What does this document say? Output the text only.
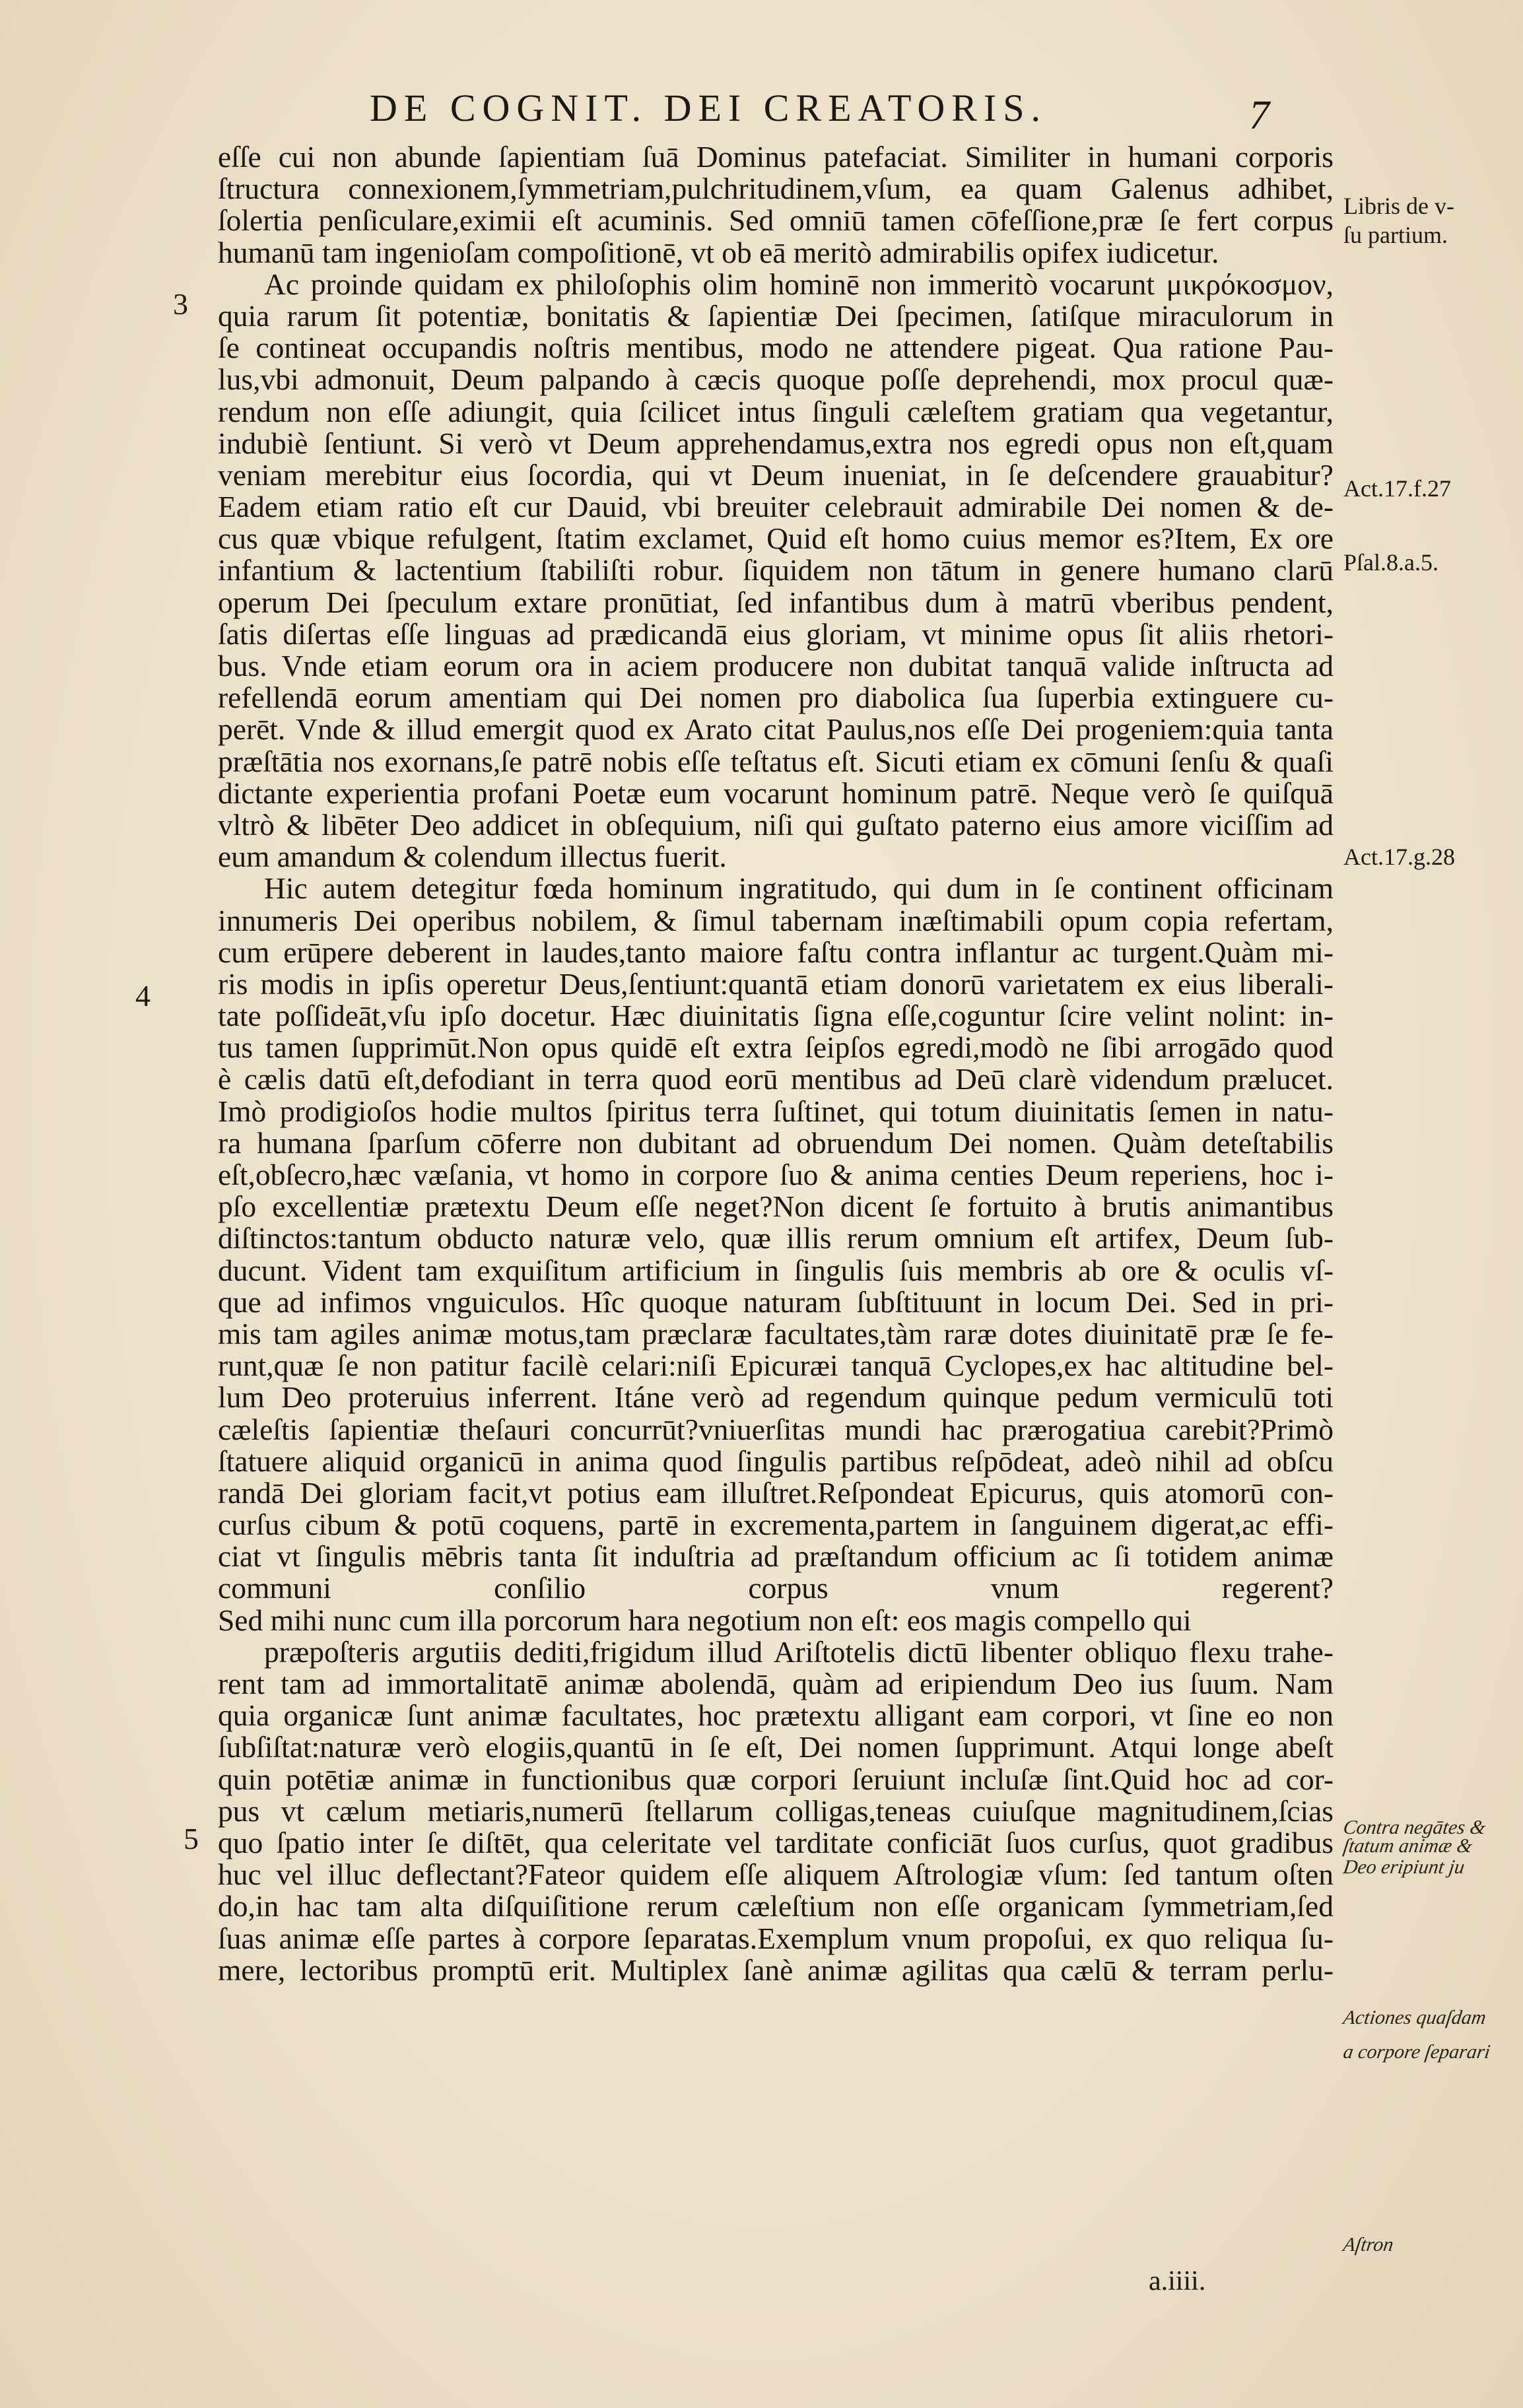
DE COGNIT. DEI CREATORIS.	7
3
4
5
eſſe cui non abunde ſapientiam ſuā Dominus patefaciat. Similiter in humani corporis
ſtructura connexionem,ſymmetriam,pulchritudinem,vſum, ea quam Galenus adhibet,
ſolertia penſiculare,eximii eſt acuminis. Sed omniū tamen cōfeſſione,præ ſe fert corpus
humanū tam ingenioſam compoſitionē, vt ob eā meritò admirabilis opifex iudicetur.
Ac proinde quidam ex philoſophis olim hominē non immeritò vocarunt μικρόκοσμον,
quia rarum ſit potentiæ, bonitatis & ſapientiæ Dei ſpecimen, ſatiſque miraculorum in
ſe contineat occupandis noſtris mentibus, modo ne attendere pigeat. Qua ratione Pau-
lus,vbi admonuit, Deum palpando à cæcis quoque poſſe deprehendi, mox procul quæ-
rendum non eſſe adiungit, quia ſcilicet intus ſinguli cæleſtem gratiam qua vegetantur,
indubiè ſentiunt. Si verò vt Deum apprehendamus,extra nos egredi opus non eſt,quam
veniam merebitur eius ſocordia, qui vt Deum inueniat, in ſe deſcendere grauabitur?
Eadem etiam ratio eſt cur Dauid, vbi breuiter celebrauit admirabile Dei nomen & de-
cus quæ vbique refulgent, ſtatim exclamet, Quid eſt homo cuius memor es?Item, Ex ore
infantium & lactentium ſtabiliſti robur. ſiquidem non tātum in genere humano clarū
operum Dei ſpeculum extare pronūtiat, ſed infantibus dum à matrū vberibus pendent,
ſatis diſertas eſſe linguas ad prædicandā eius gloriam, vt minime opus ſit aliis rhetori-
bus. Vnde etiam eorum ora in aciem producere non dubitat tanquā valide inſtructa ad
refellendā eorum amentiam qui Dei nomen pro diabolica ſua ſuperbia extinguere cu-
perēt. Vnde & illud emergit quod ex Arato citat Paulus,nos eſſe Dei progeniem:quia tanta
præſtātia nos exornans,ſe patrē nobis eſſe teſtatus eſt. Sicuti etiam ex cōmuni ſenſu & quaſi
dictante experientia profani Poetæ eum vocarunt hominum patrē. Neque verò ſe quiſquā
vltrò & libēter Deo addicet in obſequium, niſi qui guſtato paterno eius amore viciſſim ad
eum amandum & colendum illectus fuerit.
Hic autem detegitur fœda hominum ingratitudo, qui dum in ſe continent officinam
innumeris Dei operibus nobilem, & ſimul tabernam inæſtimabili opum copia refertam,
cum erūpere deberent in laudes,tanto maiore faſtu contra inflantur ac turgent.Quàm mi-
ris modis in ipſis operetur Deus,ſentiunt:quantā etiam donorū varietatem ex eius liberali-
tate poſſideāt,vſu ipſo docetur. Hæc diuinitatis ſigna eſſe,coguntur ſcire velint nolint: in-
tus tamen ſupprimūt.Non opus quidē eſt extra ſeipſos egredi,modò ne ſibi arrogādo quod
è cælis datū eſt,defodiant in terra quod eorū mentibus ad Deū clarè videndum prælucet.
Imò prodigioſos hodie multos ſpiritus terra ſuſtinet, qui totum diuinitatis ſemen in natu-
ra humana ſparſum cōferre non dubitant ad obruendum Dei nomen. Quàm deteſtabilis
eſt,obſecro,hæc væſania, vt homo in corpore ſuo & anima centies Deum reperiens, hoc i-
pſo excellentiæ prætextu Deum eſſe neget?Non dicent ſe fortuito à brutis animantibus
diſtinctos:tantum obducto naturæ velo, quæ illis rerum omnium eſt artifex, Deum ſub-
ducunt. Vident tam exquiſitum artificium in ſingulis ſuis membris ab ore & oculis vſ-
que ad infimos vnguiculos. Hîc quoque naturam ſubſtituunt in locum Dei. Sed in pri-
mis tam agiles animæ motus,tam præclaræ facultates,tàm raræ dotes diuinitatē præ ſe fe-
runt,quæ ſe non patitur facilè celari:niſi Epicuræi tanquā Cyclopes,ex hac altitudine bel-
lum Deo proteruius inferrent. Itáne verò ad regendum quinque pedum vermiculū toti
cæleſtis ſapientiæ theſauri concurrūt?vniuerſitas mundi hac prærogatiua carebit?Primò
ſtatuere aliquid organicū in anima quod ſingulis partibus reſpōdeat, adeò nihil ad obſcu
randā Dei gloriam facit,vt potius eam illuſtret.Reſpondeat Epicurus, quis atomorū con-
curſus cibum & potū coquens, partē in excrementa,partem in ſanguinem digerat,ac effi-
ciat vt ſingulis mēbris tanta ſit induſtria ad præſtandum officium ac ſi totidem animæ
communi conſilio corpus vnum regerent?
Sed mihi nunc cum illa porcorum hara negotium non eſt: eos magis compello qui
præpoſteris argutiis dediti,frigidum illud Ariſtotelis dictū libenter obliquo flexu trahe-
rent tam ad immortalitatē animæ abolendā, quàm ad eripiendum Deo ius ſuum. Nam
quia organicæ ſunt animæ facultates, hoc prætextu alligant eam corpori, vt ſine eo non
ſubſiſtat:naturæ verò elogiis,quantū in ſe eſt, Dei nomen ſupprimunt. Atqui longe abeſt
quin potētiæ animæ in functionibus quæ corpori ſeruiunt incluſæ ſint.Quid hoc ad cor-
pus vt cælum metiaris,numerū ſtellarum colligas,teneas cuiuſque magnitudinem,ſcias
quo ſpatio inter ſe diſtēt, qua celeritate vel tarditate conficiāt ſuos curſus, quot gradibus
huc vel illuc deflectant?Fateor quidem eſſe aliquem Aſtrologiæ vſum: ſed tantum oſten
do,in hac tam alta diſquiſitione rerum cæleſtium non eſſe organicam ſymmetriam,ſed
ſuas animæ eſſe partes à corpore ſeparatas.Exemplum vnum propoſui, ex quo reliqua ſu-
mere, lectoribus promptū erit. Multiplex ſanè animæ agilitas qua cælū & terram perlu-
Libris de v-
ſu partium.
Act.17.f.27
Pſal.8.a.5.
Act.17.g.28
Contra negātes &
ſtatum animæ &
Deo eripiunt ju
Actiones quaſdam
a corpore ſeparari
Aſtron
a.iiii.
